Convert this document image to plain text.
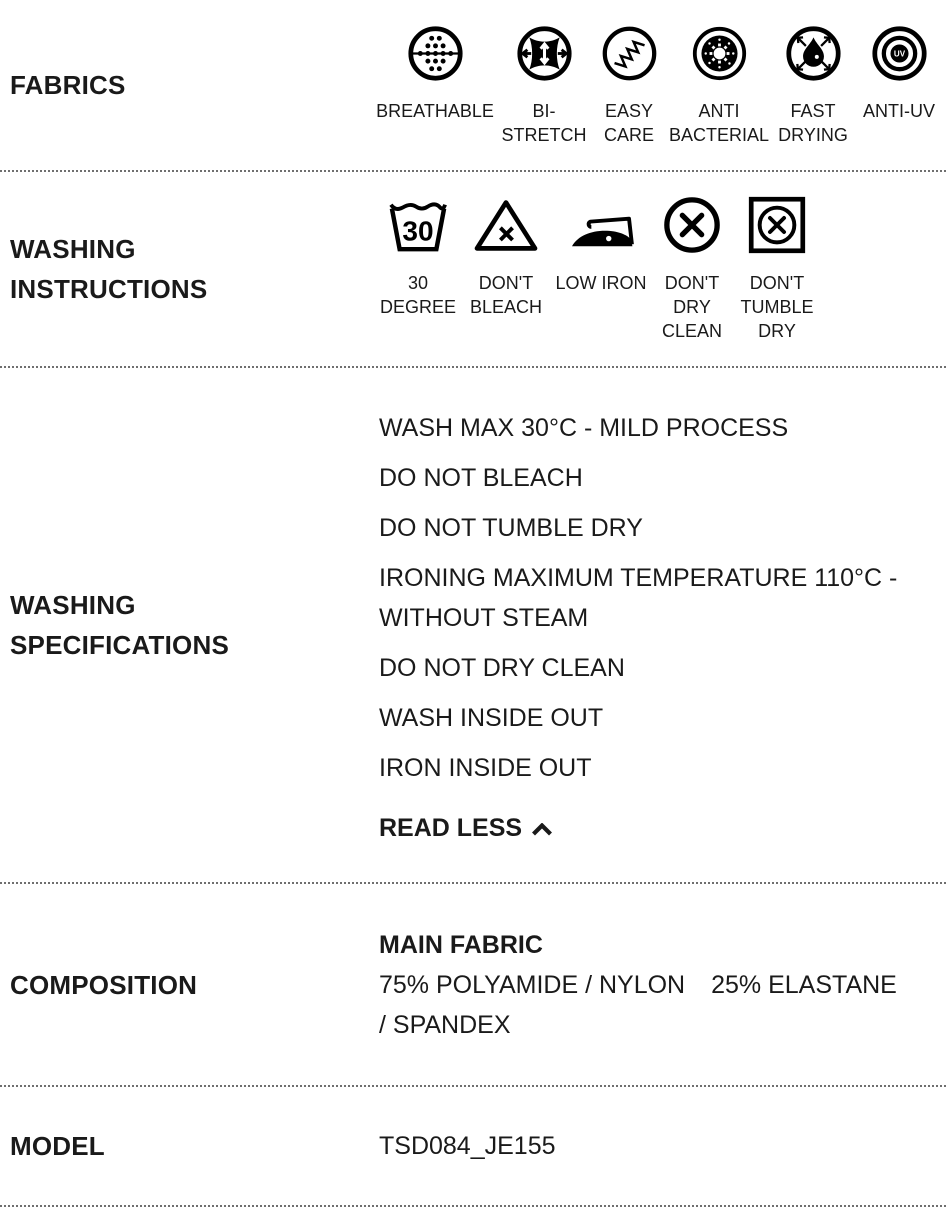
FABRICS
BREATHABLE	BI-STRETCH
EASY CARE
ANTI BACTERIAL
FAST DRYING
UV
ANTI-UV
WASHING INSTRUCTIONS
30
30 DEGREE
DON'T BLEACH
LOW IRON DON'T DRY CLEAN
DON'T TUMBLE DRY
WASHING SPECIFICATIONS

WASH MAX 30°C - MILD PROCESS

DO NOT BLEACH

DO NOT TUMBLE DRY

IRONING MAXIMUM TEMPERATURE 110°C - WITHOUT STEAM

DO NOT DRY CLEAN

WASH INSIDE OUT

IRON INSIDE OUT

READ LESS
COMPOSITION

MAIN FABRIC

75% POLYAMIDE / NYLON 25% ELASTANE / SPANDEX

MODEL	TSD084_JE155
